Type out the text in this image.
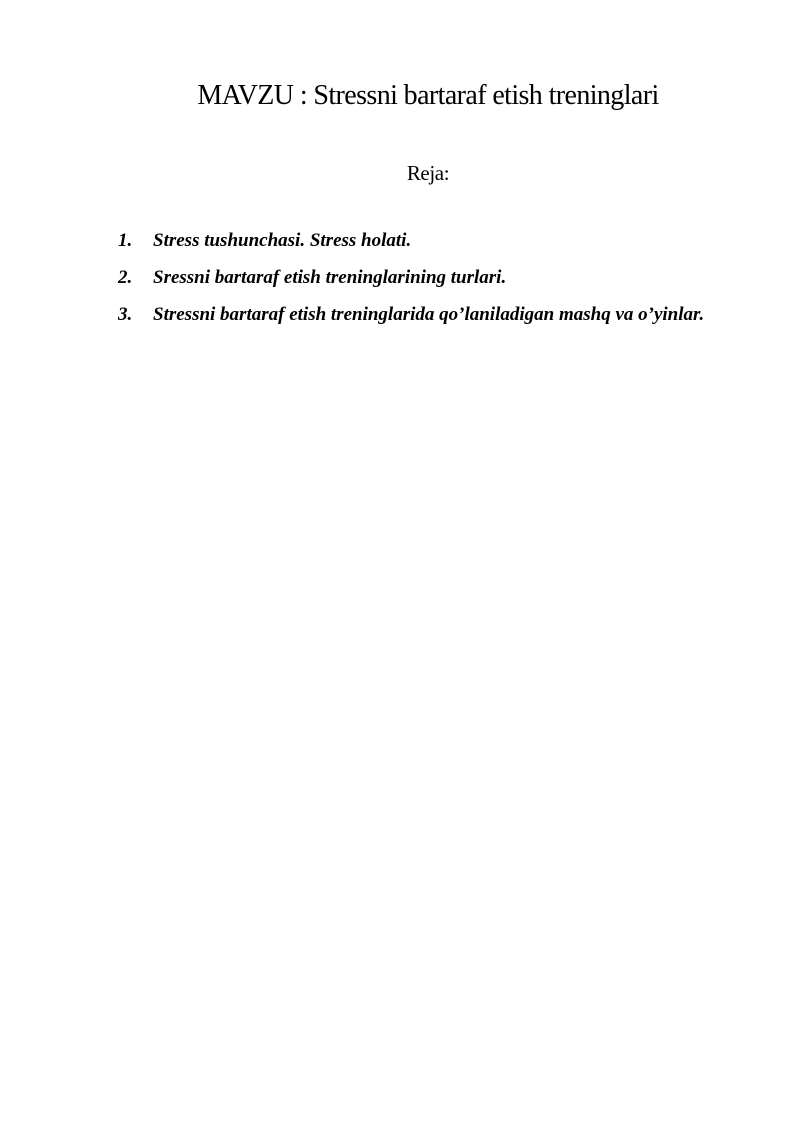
MAVZU : Stressni bartaraf etish treninglari
Reja:
1.	Stress tushunchasi. Stress holati.
2.	Sressni bartaraf etish treninglarining turlari.
3.	Stressni bartaraf etish treninglarida qo’laniladigan mashq va o’yinlar.
